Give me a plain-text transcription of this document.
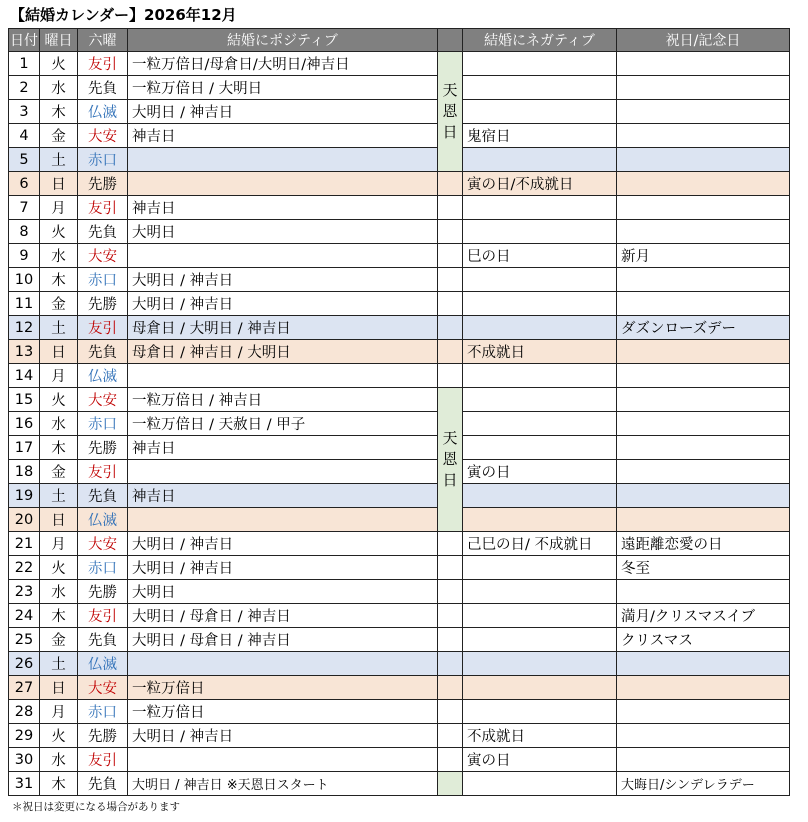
【結婚カレンダー】2026年12月
日付	曜日	六曜	結婚にポジティブ		結婚にネガティブ	祝日/記念日
1	火	友引	一粒万倍日/母倉日/大明日/神吉日	天恩日		
2	水	先負	一粒万倍日 / 大明日			
3	木	仏滅	大明日 / 神吉日			
4	金	大安	神吉日		鬼宿日	
5	土	赤口				
6	日	先勝			寅の日/不成就日	
7	月	友引	神吉日			
8	火	先負	大明日			
9	水	大安			巳の日	新月
10	木	赤口	大明日 / 神吉日			
11	金	先勝	大明日 / 神吉日			
12	土	友引	母倉日 / 大明日 / 神吉日			ダズンローズデー
13	日	先負	母倉日 / 神吉日 / 大明日		不成就日	
14	月	仏滅				
15	火	大安	一粒万倍日 / 神吉日	天恩日		
16	水	赤口	一粒万倍日 / 天赦日 / 甲子			
17	木	先勝	神吉日			
18	金	友引			寅の日	
19	土	先負	神吉日			
20	日	仏滅				
21	月	大安	大明日 / 神吉日		己巳の日/ 不成就日	遠距離恋愛の日
22	火	赤口	大明日 / 神吉日			冬至
23	水	先勝	大明日			
24	木	友引	大明日 / 母倉日 / 神吉日			満月/クリスマスイブ
25	金	先負	大明日 / 母倉日 / 神吉日			クリスマス
26	土	仏滅				
27	日	大安	一粒万倍日			
28	月	赤口	一粒万倍日			
29	火	先勝	大明日 / 神吉日		不成就日	
30	水	友引			寅の日	
31	木	先負	大明日 / 神吉日 ※天恩日スタート			大晦日/シンデレラデー
＊祝日は変更になる場合があります
